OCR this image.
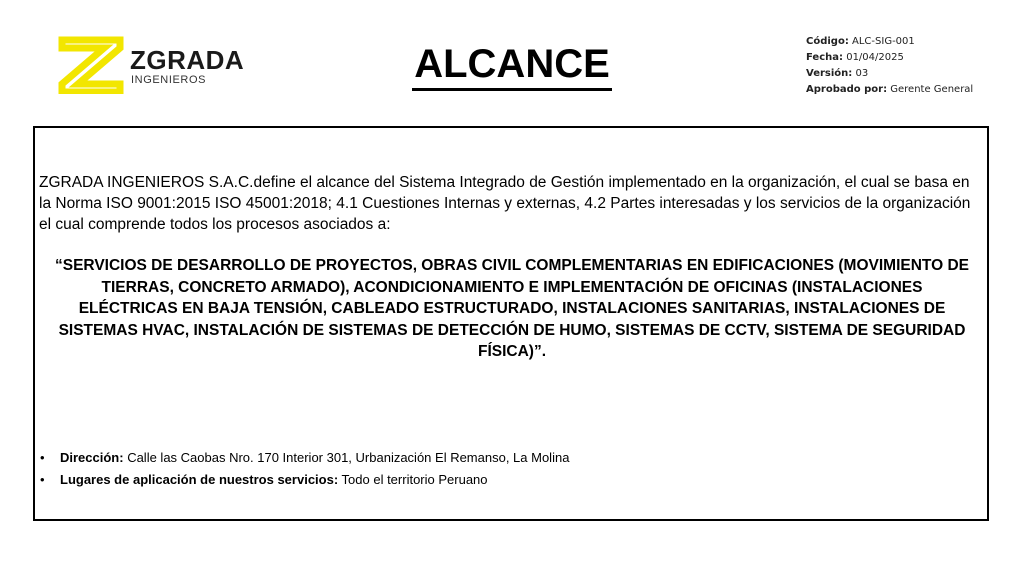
ZGRADA
INGENIEROS	ALCANCE
Código: ALC-SIG-001
Fecha: 01/04/2025
Versión: 03
Aprobado por: Gerente General

ZGRADA INGENIEROS S.A.C.define el alcance del Sistema Integrado de Gestión implementado en la organización, el cual se basa en la Norma ISO 9001:2015 ISO 45001:2018; 4.1 Cuestiones Internas y externas, 4.2 Partes interesadas y los servicios de la organización el cual comprende todos los procesos asociados a:

“SERVICIOS DE DESARROLLO DE PROYECTOS, OBRAS CIVIL COMPLEMENTARIAS EN EDIFICACIONES (MOVIMIENTO DE TIERRAS, CONCRETO ARMADO), ACONDICIONAMIENTO E IMPLEMENTACIÓN DE OFICINAS (INSTALACIONES ELÉCTRICAS EN BAJA TENSIÓN, CABLEADO ESTRUCTURADO, INSTALACIONES SANITARIAS, INSTALACIONES DE SISTEMAS HVAC, INSTALACIÓN DE SISTEMAS DE DETECCIÓN DE HUMO, SISTEMAS DE CCTV, SISTEMA DE SEGURIDAD FÍSICA)”.

• Dirección: Calle las Caobas Nro. 170 Interior 301, Urbanización El Remanso, La Molina
• Lugares de aplicación de nuestros servicios: Todo el territorio Peruano
